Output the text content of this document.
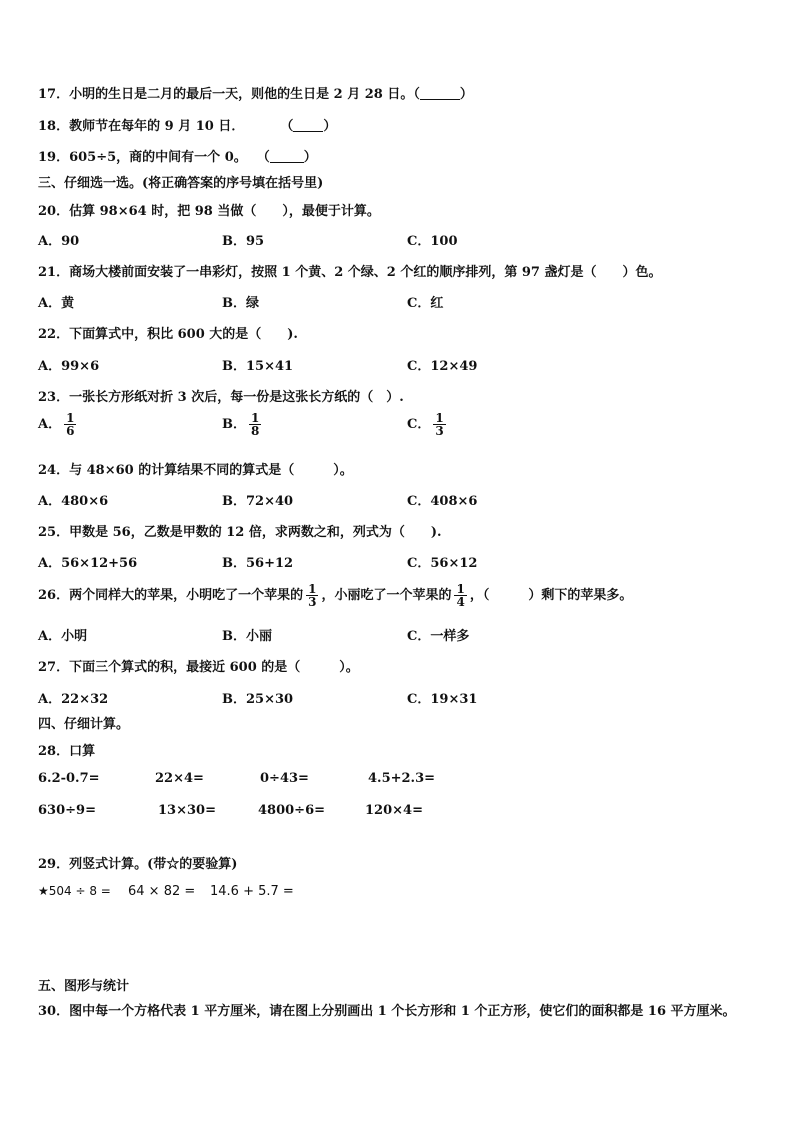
17．小明的生日是二月的最后一天，则他的生日是 2 月 28 日。（	）
18．教师节在每年的 9 月 10 日．	（ ）
19．605÷5，商的中间有一个 0。 （	）
三、仔细选一选。(将正确答案的序号填在括号里)
20．估算 98×64 时，把 98 当做（　　），最便于计算。
A．90	B．95	C．100
21．商场大楼前面安装了一串彩灯，按照 1 个黄、2 个绿、2 个红的顺序排列，第 97 盏灯是（　　）色。
A．黄	B．绿	C．红
22．下面算式中，积比 600 大的是（　　).
A．99×6	B．15×41	C．12×49
23．一张长方形纸对折 3 次后，每一份是这张长方纸的（　）.
A． $\frac{1}{6}$	B． $\frac{1}{8}$	C． $\frac{1}{3}$
24．与 48×60 的计算结果不同的算式是（　　　）。
A．480×6	B．72×40	C．408×6
25．甲数是 56，乙数是甲数的 12 倍，求两数之和，列式为（　　).
A．56×12+56	B．56+12	C．56×12
26．两个同样大的苹果，小明吃了一个苹果的 $\frac{1}{3}$ ，小丽吃了一个苹果的 $\frac{1}{4}$ ，（　　　）剩下的苹果多。
A．小明	B．小丽	C．一样多
27．下面三个算式的积，最接近 600 的是（　　　）。
A．22×32	B．25×30	C．19×31
四、仔细计算。
28．口算
6.2-0.7=	22×4=	0÷43=	4.5+2.3=
630÷9=	13×30=	4800÷6=	120×4=
29．列竖式计算。(带☆的要验算)
★504 ÷ 8 = 64 × 82 = 14.6 + 5.7 =
五、图形与统计
30．图中每一个方格代表 1 平方厘米，请在图上分别画出 1 个长方形和 1 个正方形，使它们的面积都是 16 平方厘米。
